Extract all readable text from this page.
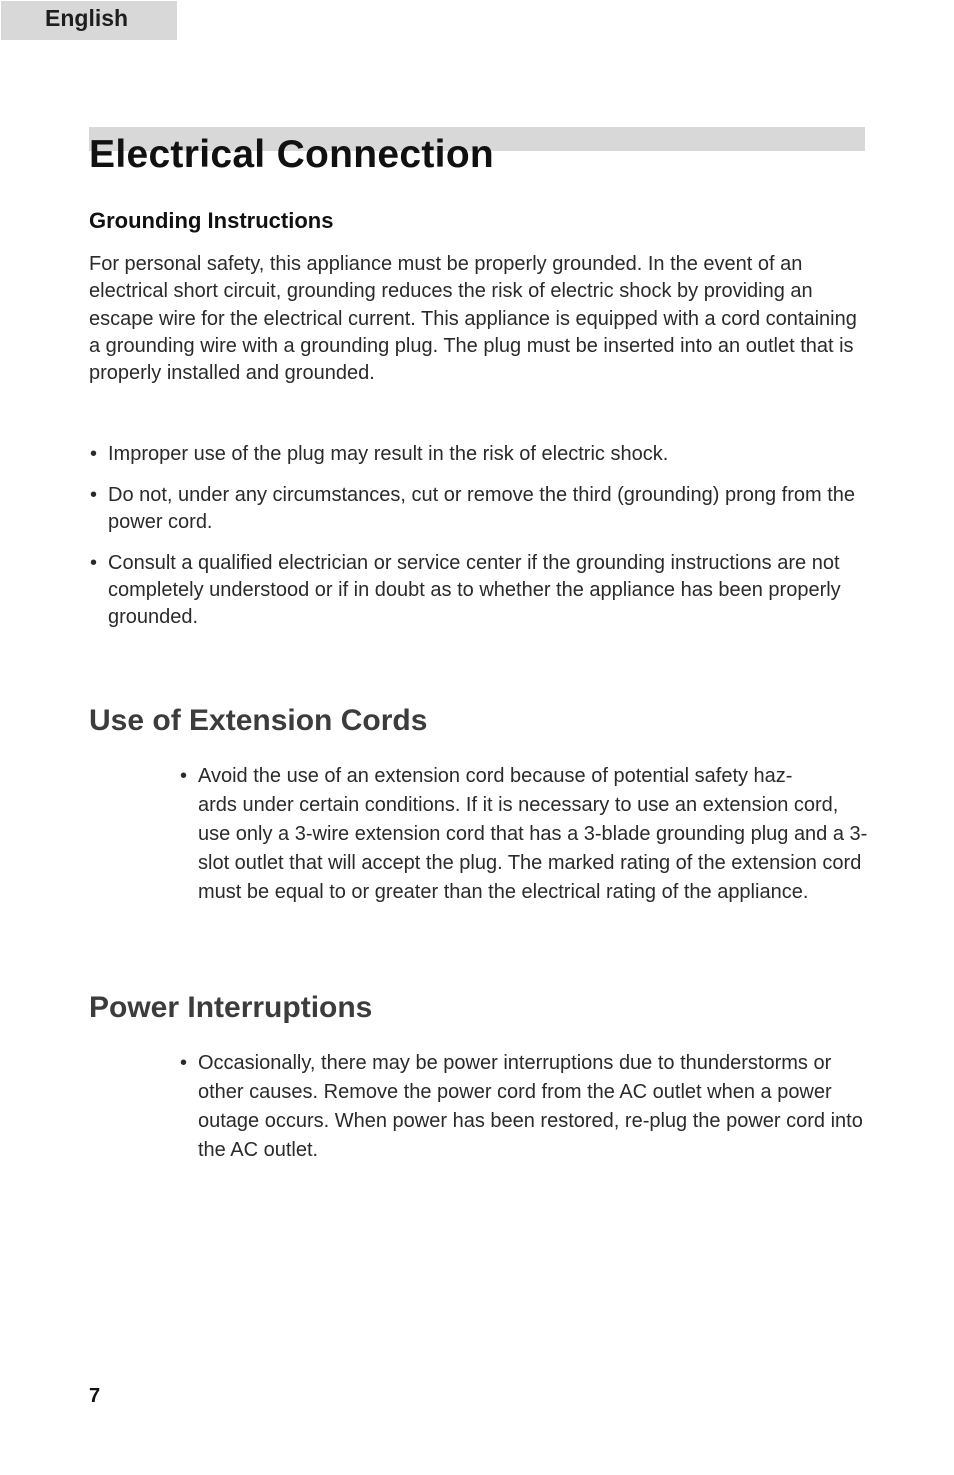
English
Electrical Connection
Grounding Instructions

For personal safety, this appliance must be properly grounded. In the event of an electrical short circuit, grounding reduces the risk of electric shock by providing an escape wire for the electrical current. This appliance is equipped with a cord containing a grounding wire with a grounding plug. The plug must be inserted into an outlet that is properly installed and grounded.

• Improper use of the plug may result in the risk of electric shock.
• Do not, under any circumstances, cut or remove the third (grounding) prong from the power cord.
• Consult a qualified electrician or service center if the grounding instructions are not completely understood or if in doubt as to whether the appliance has been properly grounded.
Use of Extension Cords
• Avoid the use of an extension cord because of potential safety haz-
ards under certain conditions. If it is necessary to use an extension cord, use only a 3-wire extension cord that has a 3-blade grounding plug and a 3-slot outlet that will accept the plug. The marked rating of the extension cord must be equal to or greater than the electrical rating of the appliance.
Power Interruptions
• Occasionally, there may be power interruptions due to thunderstorms or other causes. Remove the power cord from the AC outlet when a power outage occurs. When power has been restored, re-plug the power cord into the AC outlet.
7
